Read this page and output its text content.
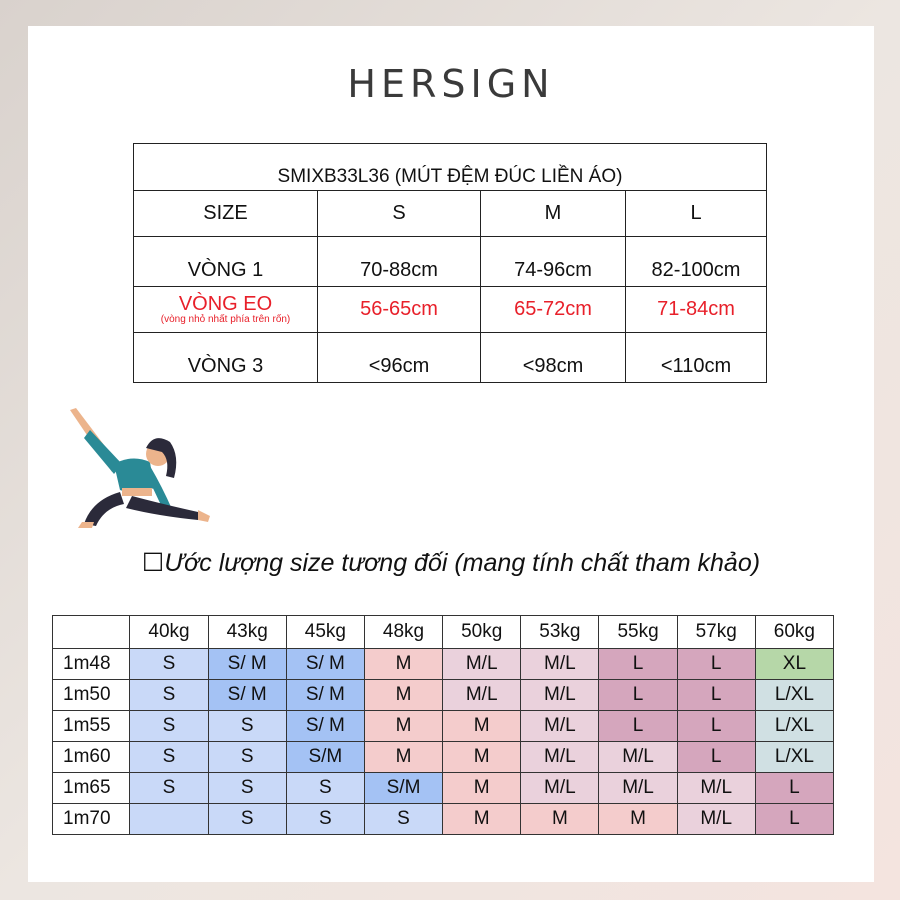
HERSIGN
SMIXB33L36 (MÚT ĐỆM ĐÚC LIỀN ÁO)			
SIZE	S	M	L
VÒNG 1	70-88cm	74-96cm	82-100cm

VÒNG EO
(vòng nhỏ nhất phía trên rốn)	56-65cm	65-72cm	71-84cm
VÒNG 3	<96cm	<98cm	<110cm
☐Ước lượng size tương đối (mang tính chất tham khảo)
	40kg	43kg	45kg	48kg	50kg	53kg	55kg	57kg	60kg
1m48	S	S/ M	S/ M	M	M/L	M/L	L	L	XL
1m50	S	S/ M	S/ M	M	M/L	M/L	L	L	L/XL
1m55	S	S	S/ M	M	M	M/L	L	L	L/XL
1m60	S	S	S/M	M	M	M/L	M/L	L	L/XL
1m65	S	S	S	S/M	M	M/L	M/L	M/L	L
1m70		S	S	S	M	M	M	M/L	L
